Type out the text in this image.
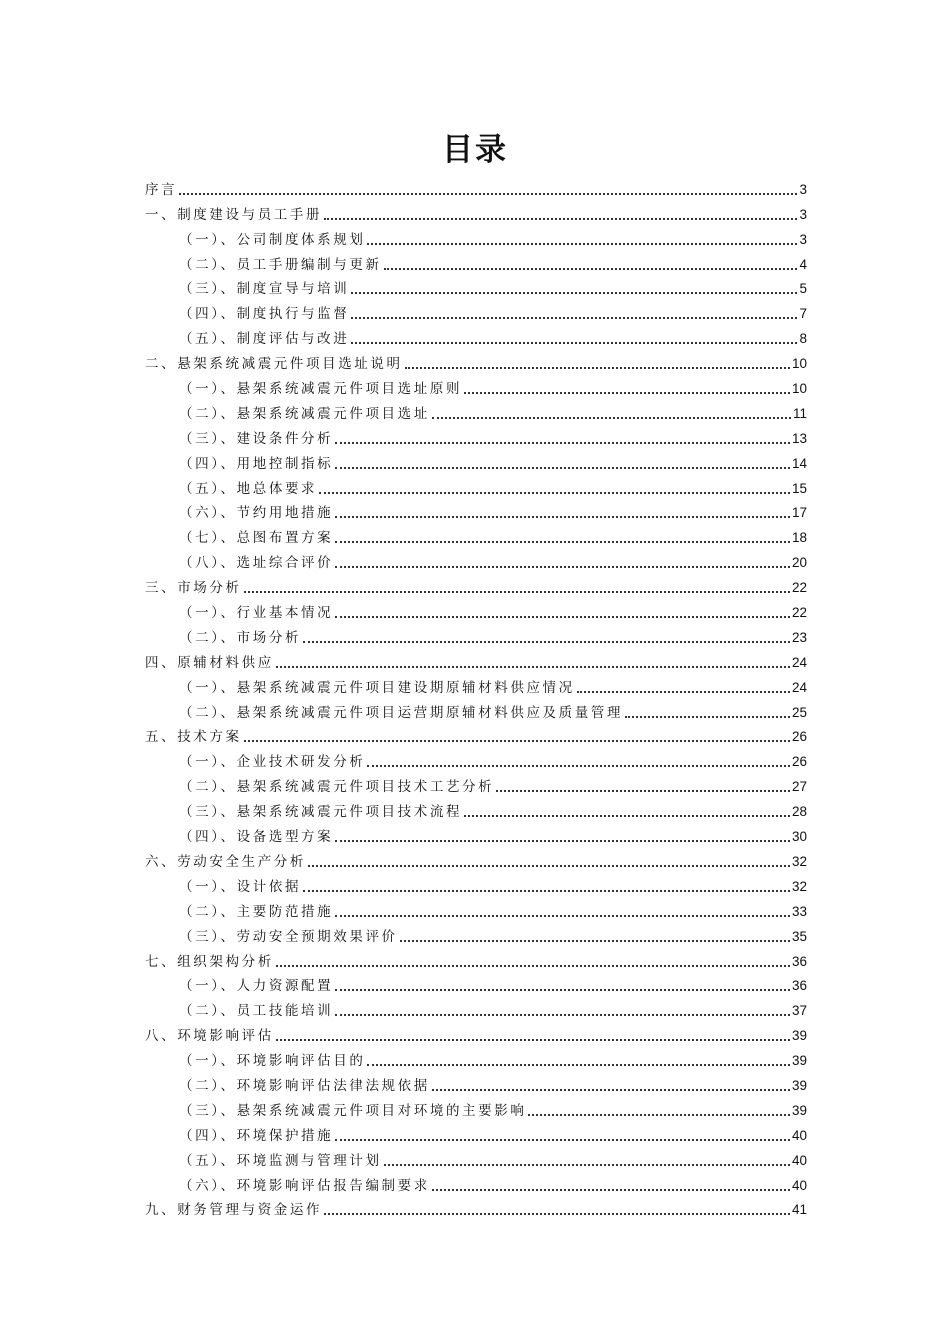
目录
序言	3
一、制度建设与员工手册	3
（一）、公司制度体系规划	3
（二）、员工手册编制与更新	4
（三）、制度宣导与培训	5
（四）、制度执行与监督	7
（五）、制度评估与改进	8
二、悬架系统减震元件项目选址说明	10
（一）、悬架系统减震元件项目选址原则	10
（二）、悬架系统减震元件项目选址	11
（三）、建设条件分析	13
（四）、用地控制指标	14
（五）、地总体要求	15
（六）、节约用地措施	17
（七）、总图布置方案	18
（八）、选址综合评价	20
三、市场分析	22
（一）、行业基本情况	22
（二）、市场分析	23
四、原辅材料供应	24
（一）、悬架系统减震元件项目建设期原辅材料供应情况	24
（二）、悬架系统减震元件项目运营期原辅材料供应及质量管理	25
五、技术方案	26
（一）、企业技术研发分析	26
（二）、悬架系统减震元件项目技术工艺分析	27
（三）、悬架系统减震元件项目技术流程	28
（四）、设备选型方案	30
六、劳动安全生产分析	32
（一）、设计依据	32
（二）、主要防范措施	33
（三）、劳动安全预期效果评价	35
七、组织架构分析	36
（一）、人力资源配置	36
（二）、员工技能培训	37
八、环境影响评估	39
（一）、环境影响评估目的	39
（二）、环境影响评估法律法规依据	39
（三）、悬架系统减震元件项目对环境的主要影响	39
（四）、环境保护措施	40
（五）、环境监测与管理计划	40
（六）、环境影响评估报告编制要求	40
九、财务管理与资金运作	41
